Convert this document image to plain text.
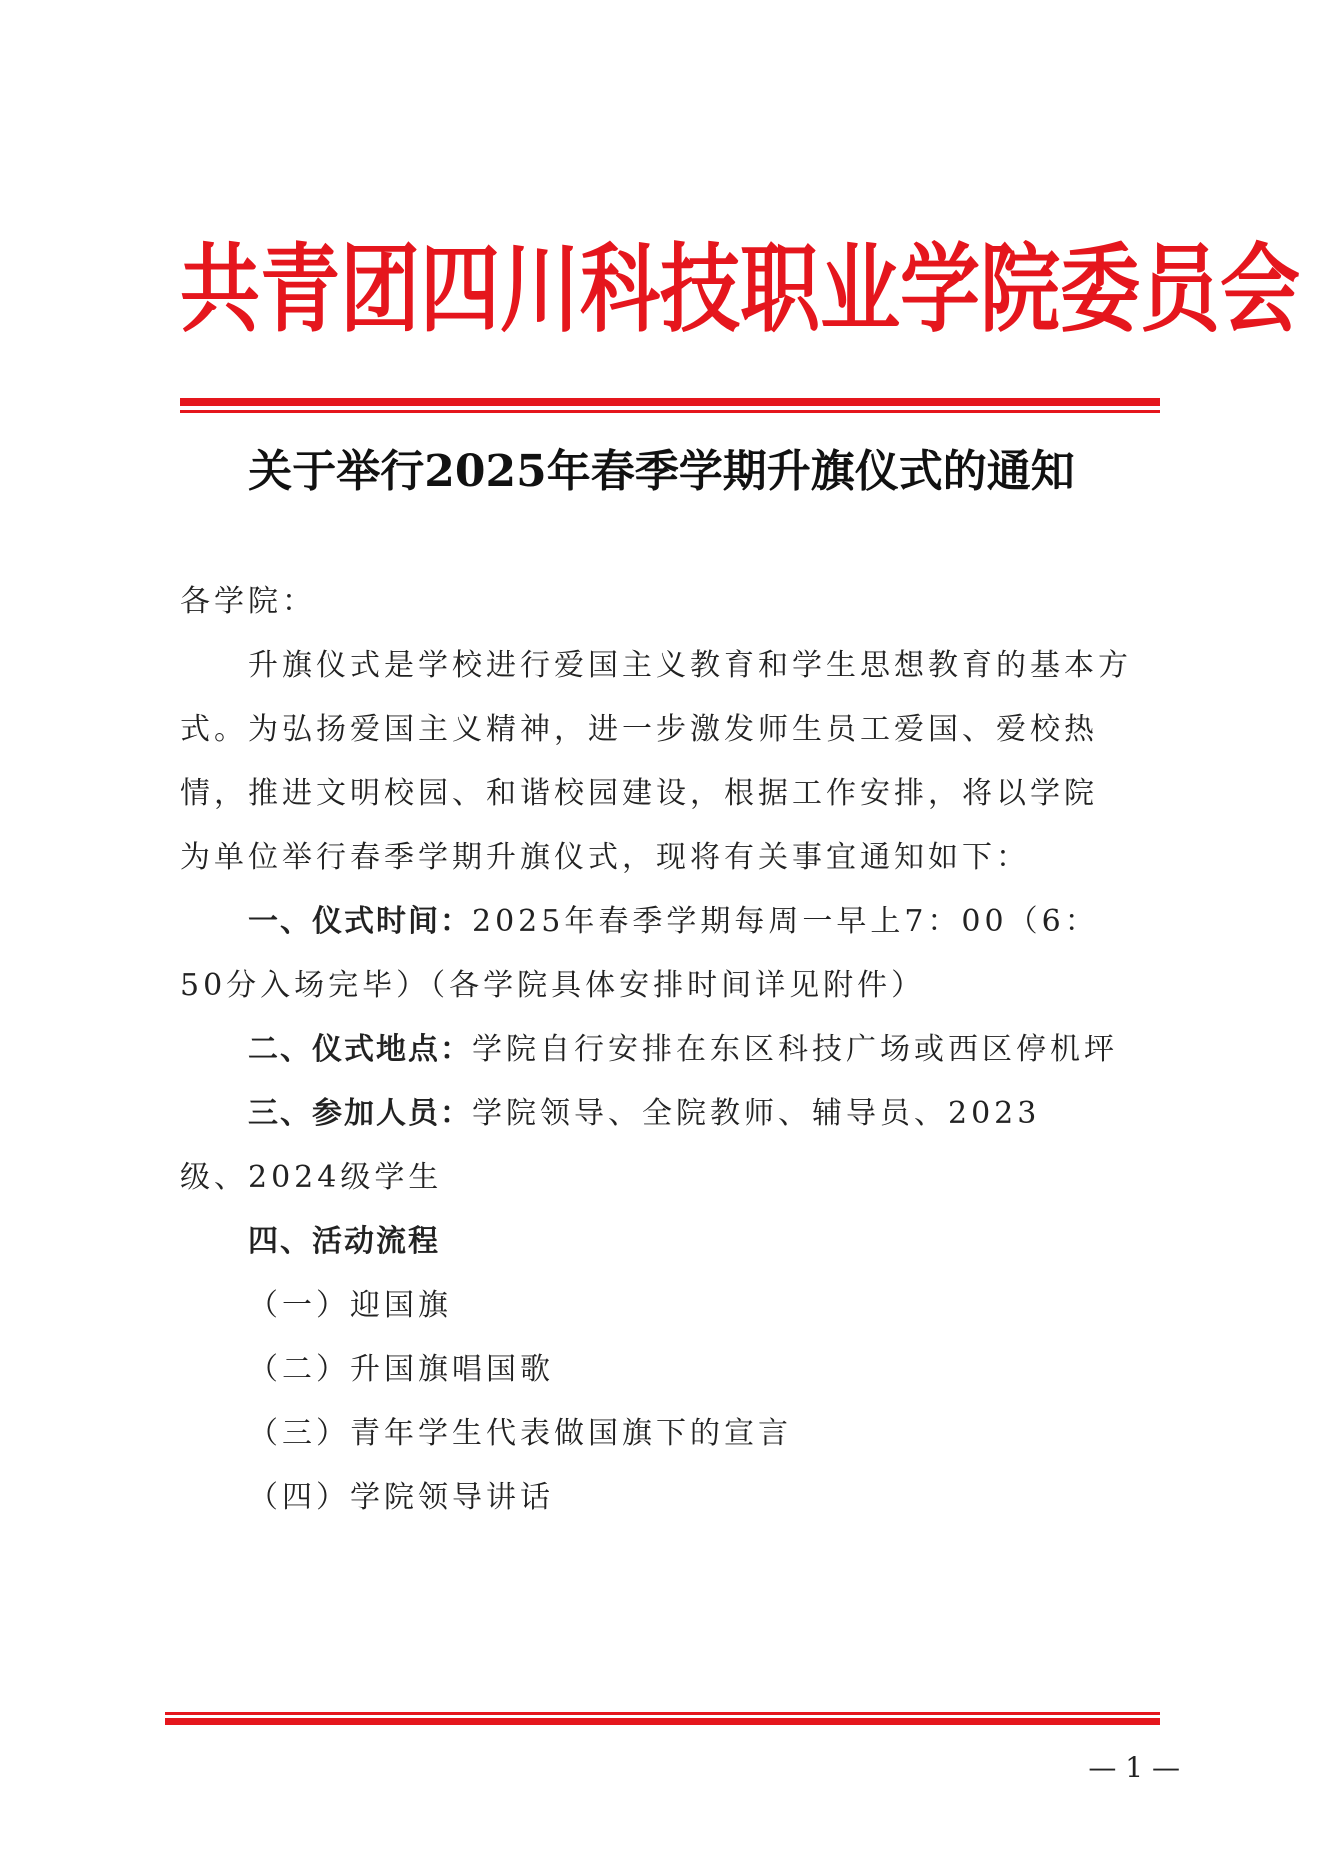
共青团四川科技职业学院委员会
关于举行2025年春季学期升旗仪式的通知

各学院：

升旗仪式是学校进行爱国主义教育和学生思想教育的基本方

式。为弘扬爱国主义精神，进一步激发师生员工爱国、爱校热

情，推进文明校园、和谐校园建设，根据工作安排，将以学院

为单位举行春季学期升旗仪式，现将有关事宜通知如下：

一、仪式时间：2025年春季学期每周一早上7：00（6：

50分入场完毕）（各学院具体安排时间详见附件）

二、仪式地点：学院自行安排在东区科技广场或西区停机坪

三、参加人员：学院领导、全院教师、辅导员、2023

级、2024级学生

四、活动流程

（一）迎国旗

（二）升国旗唱国歌

（三）青年学生代表做国旗下的宣言

（四）学院领导讲话

— 1 —
